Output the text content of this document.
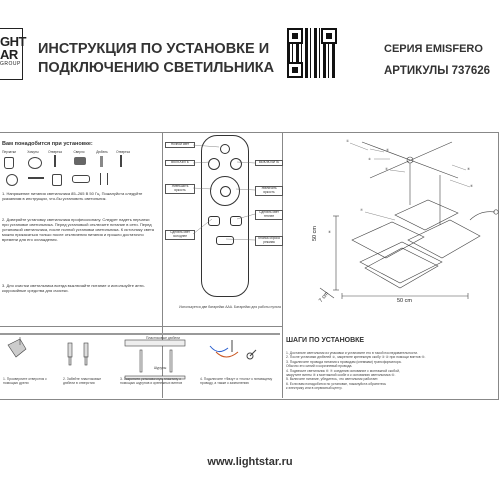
GHT
AR
GROUP
ИНСТРУКЦИЯ ПО УСТАНОВКЕ И
ПОДКЛЮЧЕНИЮ СВЕТИЛЬНИКА
СЕРИЯ EMISFERO
АРТИКУЛЫ 737626
Вам понадобится при установке:
Перчатки	Хомуты	Отвертка	Сверло	Дюбель	Отвертка
1. Напряжение питания светильника 85–265 В 50 Гц. Пожалуйста следуйте указаниям в инструкции, что-бы установить светильник.
2. Доверяйте установку светильника профессионалу. Следует надеть перчатки при установке светильника. Перед установкой отключите питание в сети. Перед установкой светильника, после полной установки светильника. К источнику света можно прикасаться только после отключения питания и прошло достаточно времени для его охлаждения.
3. Для очистки светильника всегда выключайте питание и используйте анти-коррозийные средства для очистки.
Ночной свет
ВКЛЮЧИТЬ
Уменьшить яркость
Сделать свет холоднее
ВЫКЛЮЧИТЬ
Увеличить яркость
Сделать свет теплее
Кнопка сброса режима
Используется две батарейки ААА. Батарейки для работы пульта
①
②
③
④
⑤
⑥
⑦
⑧
50 cm
50 cm
7 cm
ШАГИ ПО УСТАНОВКЕ
1. Достаньте светильник из упаковки и установите его в такой последовательности.
2. После установки дюбелей ②, закрепите крепежную скобу ③ ④ при помощи винтов ⑤.
3. Подключите провода питания к проводам (клеммам) трансформатора.
Обычно это синий и коричневый провода.
4. Подвесьте светильник ⑥ ⑦ соединив основание с монтажной скобой,
закрутите винты ⑧ к монтажной скобе и к основанию светильника ⑧.
5. Включите питание, убедитесь, что светильник работает.
6. Если вам понадобится по установке, пожалуйста обратитесь
к электрику или в сервисный центр.
Пластиковые дюбели
Шурупы
1. Просверлите отверстия с помощью дрели
2. Забейте пластиковые дюбели в отверстия
3. Закрепите установочную пластину с помощью шурупов и крепежных винтов
4. Подключите «Фазу» и «ноль» к питающему проводу, а также к заземлению
www.lightstar.ru
